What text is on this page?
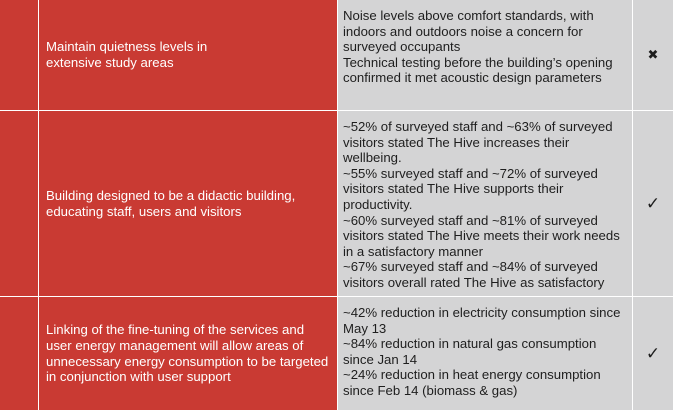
Maintain quietness levels in extensive study areas

Noise levels above comfort standards, with indoors and outdoors noise a concern for surveyed occupants

Technical testing before the building’s opening confirmed it met acoustic design parameters

✖
Building designed to be a didactic building, educating staff, users and visitors

~52% of surveyed staff and ~63% of surveyed visitors stated The Hive increases their wellbeing.

~55% surveyed staff and ~72% of surveyed visitors stated The Hive supports their productivity.

~60% surveyed staff and ~81% of surveyed visitors stated The Hive meets their work needs in a satisfactory manner

~67% surveyed staff and ~84% of surveyed visitors overall rated The Hive as satisfactory

✓
Linking of the fine-tuning of the services and user energy management will allow areas of unnecessary energy consumption to be targeted in conjunction with user support

~42% reduction in electricity consumption since May 13

~84% reduction in natural gas consumption since Jan 14

~24% reduction in heat energy consumption since Feb 14 (biomass & gas)

✓
